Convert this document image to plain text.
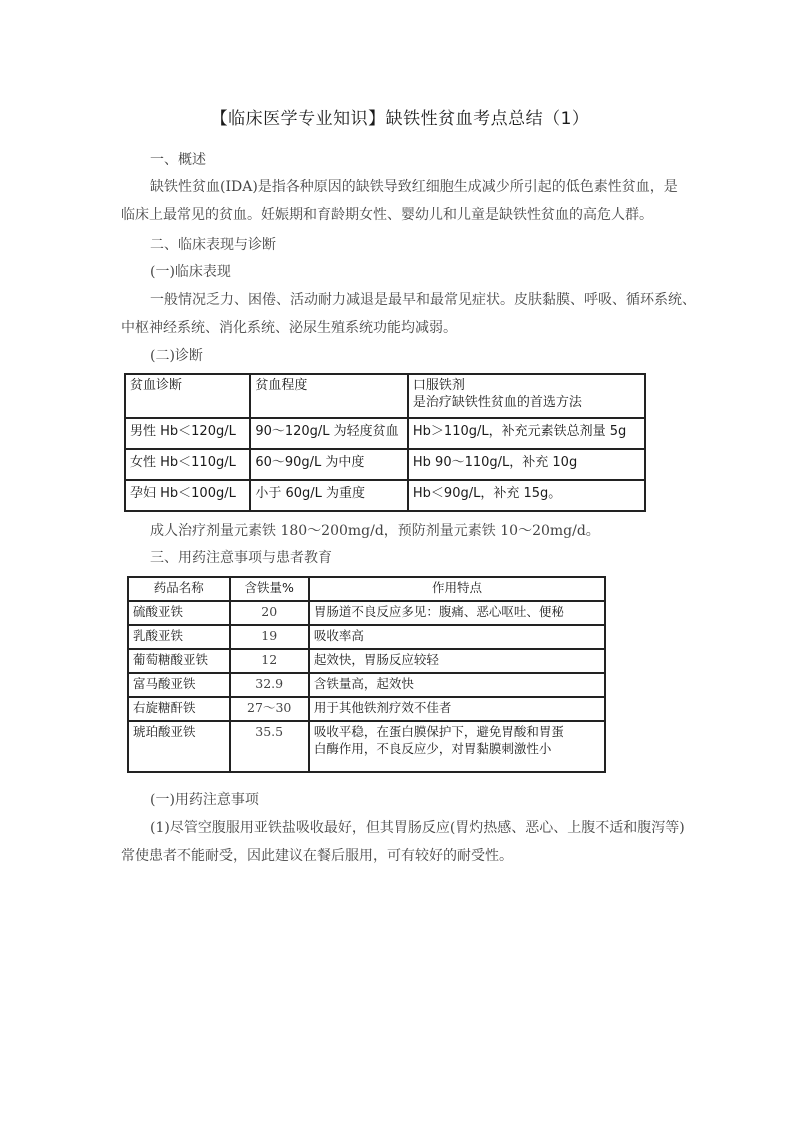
【临床医学专业知识】缺铁性贫血考点总结（1）
一、概述
缺铁性贫血(IDA)是指各种原因的缺铁导致红细胞生成减少所引起的低色素性贫血，是
临床上最常见的贫血。妊娠期和育龄期女性、婴幼儿和儿童是缺铁性贫血的高危人群。
二、临床表现与诊断
(一)临床表现
一般情况乏力、困倦、活动耐力减退是最早和最常见症状。皮肤黏膜、呼吸、循环系统、
中枢神经系统、消化系统、泌尿生殖系统功能均减弱。
(二)诊断
贫血诊断	贫血程度	口服铁剂
是治疗缺铁性贫血的首选方法

男性 Hb＜120g/L	90～120g/L 为轻度贫血	Hb＞110g/L，补充元素铁总剂量 5g
女性 Hb＜110g/L	60～90g/L 为中度	Hb 90～110g/L，补充 10g
孕妇 Hb＜100g/L	小于 60g/L 为重度	Hb＜90g/L，补充 15g。
成人治疗剂量元素铁 180～200mg/d，预防剂量元素铁 10～20mg/d。
三、用药注意事项与患者教育
药品名称	含铁量%	作用特点
硫酸亚铁	20	胃肠道不良反应多见：腹痛、恶心呕吐、便秘
乳酸亚铁	19	吸收率高
葡萄糖酸亚铁	12	起效快，胃肠反应较轻
富马酸亚铁	32.9	含铁量高，起效快
右旋糖酐铁	27～30	用于其他铁剂疗效不佳者
琥珀酸亚铁	35.5	吸收平稳，在蛋白膜保护下，避免胃酸和胃蛋
白酶作用，不良反应少，对胃黏膜刺激性小
(一)用药注意事项
(1)尽管空腹服用亚铁盐吸收最好，但其胃肠反应(胃灼热感、恶心、上腹不适和腹泻等)
常使患者不能耐受，因此建议在餐后服用，可有较好的耐受性。
